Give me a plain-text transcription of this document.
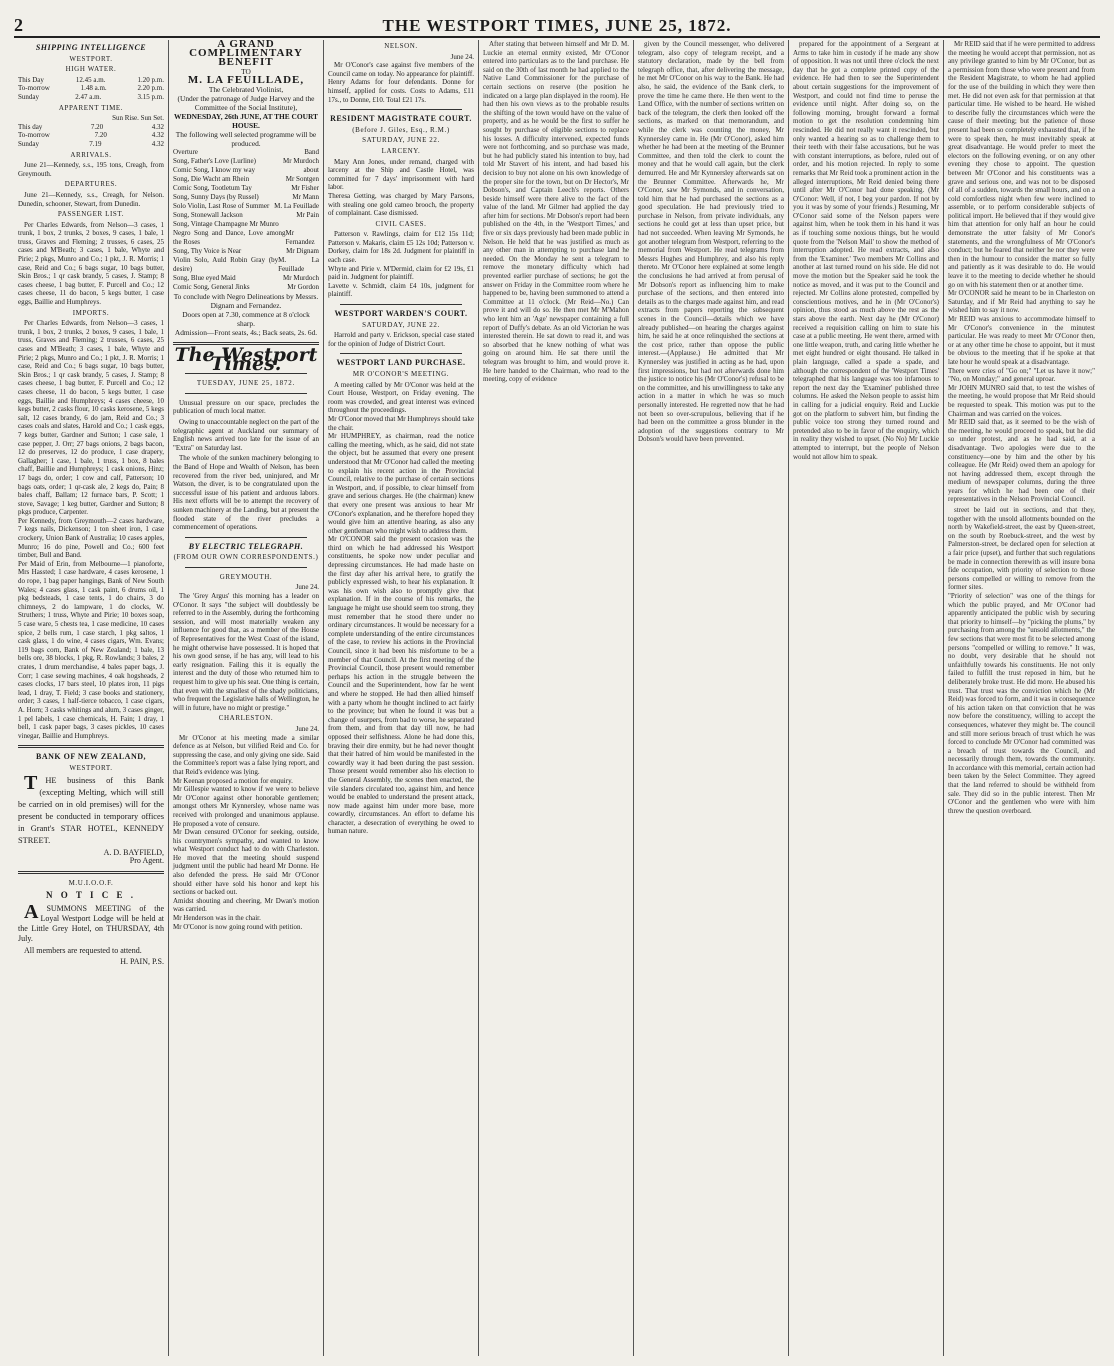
2	THE WESTPORT TIMES, JUNE 25, 1872.
SHIPPING INTELLIGENCE
WESTPORT.
HIGH WATER.
This Day	12.45 a.m.	1.20 p.m.
To-morrow	1.48 a.m.	2.20 p.m.
Sunday	2.47 a.m.	3.15 p.m.
APPARENT TIME.
Sun Rise. Sun Set.
This day	7.20	4.32
To-morrow	7.20	4.32
Sunday	7.19	4.32
ARRIVALS.

June 21—Kennedy, s.s., 195 tons, Creagh, from Greymouth.

DEPARTURES.

June 21—Kennedy, s.s., Creagh, for Nelson. Dunedin, schooner, Stewart, from Dunedin.

PASSENGER LIST.

Per Charles Edwards, from Nelson—3 cases, 1 trunk, 1 box, 2 trunks, 2 boxes, 9 cases, 1 bale, 1 truss, Graves and Fleming; 2 trusses, 6 cases, 25 cases and M'Beath; 3 cases, 1 bale, Whyte and Pirie; 2 pkgs, Munro and Co.; 1 pkt, J. R. Morris; 1 case, Reid and Co.; 6 bags sugar, 10 bags butter, Skin Bros.; 1 qr cask brandy, 5 cases, J. Stamp; 8 cases cheese, 1 bag butter, F. Purcell and Co.; 12 cases cheese, 11 do bacon, 5 kegs butter, 1 case eggs, Baillie and Humphreys.

IMPORTS.

Per Charles Edwards, from Nelson—3 cases, 1 trunk, 1 box, 2 trunks, 2 boxes, 9 cases, 1 bale, 1 truss, Graves and Fleming; 2 trusses, 6 cases, 25 cases and M'Beath; 3 cases, 1 bale, Whyte and Pirie; 2 pkgs, Munro and Co.; 1 pkt, J. R. Morris; 1 case, Reid and Co.; 6 bags sugar, 10 bags butter, Skin Bros.; 1 qr cask brandy, 5 cases, J. Stamp; 8 cases cheese, 1 bag butter, F. Purcell and Co.; 12 cases cheese, 11 do bacon, 5 kegs butter, 1 case eggs, Baillie and Humphreys; 4 cases cheese, 10 kegs butter, 2 casks flour, 10 casks kerosene, 5 kegs salt, 12 cases brandy, 6 do jam, Reid and Co.; 3 cases coals and slates, Harold and Co.; 1 cask eggs, 7 kegs butter, Gardner and Sutton; 1 case sale, 1 case pepper, J. Orr; 27 bags onions, 2 bags bacon, 12 do preserves, 12 do produce, 1 case drapery, Gallagher; 1 case, 1 bale, 1 truss, 1 box, 8 bales chaff, Baillie and Humphreys; 1 cask onions, Hinz; 17 bags do, order; 1 cow and calf, Patterson; 10 bags oats, order; 1 qr-cask ale, 2 kegs do, Pain; 8 bales chaff, Ballam; 12 furnace bars, P. Scott; 1 stove, Savage; 1 keg butter, Gardner and Sutton; 8 pkgs produce, Carpenter.
Per Kennedy, from Greymouth—2 cases hardware, 7 kegs nails, Dickenson; 1 ton sheet iron, 1 case crockery, Union Bank of Australia; 10 cases apples, Munro; 16 do pine, Powell and Co.; 600 feet timber, Bull and Band.
Per Maid of Erin, from Melbourne—1 pianoforte, Mrs Hassted; 1 case hardware, 4 cases kerosene, 1 do rope, 1 bag paper hangings, Bank of New South Wales; 4 cases glass, 1 cask paint, 6 drums oil, 1 pkg bedsteads, 1 case tents, 1 do chairs, 3 do chimneys, 2 do lampware, 1 do clocks, W. Struthers; 1 truss, Whyte and Pirie; 10 boxes soap, 5 case ware, 5 chests tea, 1 case medicine, 10 cases spice, 2 bells rum, 1 case starch, 1 pkg saltos, 1 cask glass, 1 do wine, 4 cases cigars, Wm. Evans; 119 bags corn, Bank of New Zealand; 1 bale, 13 bells ore, 38 blocks, 1 pkg, R. Rowlands; 3 bales, 2 crates, 1 drum merchandise, 4 bales paper bags, J. Corr; 1 case sewing machines, 4 oak hogsheads, 2 cases clocks, 17 bars steel, 10 plates iron, 11 pigs lead, 1 dray, T. Field; 3 case books and stationery, order; 3 cases, 1 half-tierce tobacco, 1 case cigars, A. Horn; 3 casks whitings and alum, 3 cases ginger, 1 pel labels, 1 case chemicals, H. Fain; 1 dray, 1 bell, 1 cask paper bags, 3 cases pickles, 10 cases vinegar, Baillie and Humphreys.

BANK OF NEW ZEALAND,
WESTPORT.

THE business of this Bank (excepting Melting, which will still be carried on in old premises) will for the present be conducted in temporary offices in Grant's STAR HOTEL, KENNEDY STREET.

A. D. BAYFIELD,
Pro Agent.
M.U.I.O.O.F.
N O T I C E .

ASUMMONS MEETING of the Loyal Westport Lodge will be held at the Little Grey Hotel, on THURSDAY, 4th July.

All members are requested to attend.

H. PAIN, P.S.
A GRAND
COMPLIMENTARY BENEFIT
TO
M. LA FEUILLADE,
The Celebrated Violinist,
(Under the patronage of Judge Harvey and the Committee of the Social Institute),
WEDNESDAY, 26th JUNE, AT THE COURT HOUSE.
The following well selected programme will be produced.
Overture	Band
Song, Father's Love (Lurline)	Mr Murdoch
Comic Song, I know my way	about
Song, Die Wacht am Rhein	Mr Sontgen
Comic Song, Tootletum Tay	Mr Fisher
Song, Sunny Days (by Russel)	Mr Mann
Solo Violin, Last Rose of Summer M. La Feuillade
Song, Stonewall Jackson	Mr Pain
Song, Vintage Champagne Mr Munro
Negro Song and Dance, Love among the Roses
Mr Fernandez
Song, Thy Voice is Near	Mr Dignam
Violin Solo, Auld Robin Gray (by desire)
M. La Feuillade
Song, Blue eyed Maid	Mr Murdoch
Comic Song, General Jinks	Mr Gordon
To conclude with Negro Delineations by Messrs. Dignam and Fernandez.
Doors open at 7.30, commence at 8 o'clock sharp.
Admission—Front seats, 4s.; Back seats, 2s. 6d.
The Westport Times.
TUESDAY, JUNE 25, 1872.

Unusual pressure on our space, precludes the publication of much local matter.

Owing to unaccountable neglect on the part of the telegraphic agent at Auckland our summary of English news arrived too late for the issue of an "Extra" on Saturday last.

The whole of the sunken machinery belonging to the Band of Hope and Wealth of Nelson, has been recovered from the river bed, uninjured, and Mr Watson, the diver, is to be congratulated upon the successful issue of his patient and arduous labors. His next efforts will be to attempt the recovery of sunken machinery at the Landing, but at present the flooded state of the river precludes a commencement of operations.

BY ELECTRIC TELEGRAPH.
(FROM OUR OWN CORRESPONDENTS.)
GREYMOUTH.
June 24.

The 'Grey Argus' this morning has a leader on O'Conor. It says "the subject will doubtlessly be referred to in the Assembly, during the forthcoming session, and will most materially weaken any influence for good that, as a member of the House of Representatives for the West Coast of the island, he might otherwise have possessed. It is hoped that his own good sense, if he has any, will lead to his early resignation. Failing this it is equally the interest and the duty of those who returned him to request him to give up his seat. One thing is certain, that even with the smallest of the shady politicians, who frequent the Legislative halls of Wellington, he will in future, have no might or prestige."

CHARLESTON.
June 24.

Mr O'Conor at his meeting made a similar defence as at Nelson, but vilified Reid and Co. for suppressing the case, and only giving one side. Said the Committee's report was a false lying report, and that Reid's evidence was lying.
Mr Keenan proposed a motion for enquiry.
Mr Gillespie wanted to know if we were to believe Mr O'Conor against other honorable gentlemen; amongst others Mr Kynnersley, whose name was received with prolonged and unanimous applause. He proposed a vote of censure.
Mr Dwan censured O'Conor for seeking, outside, his countrymen's sympathy, and wanted to know what Westport conduct had to do with Charleston. He moved that the meeting should suspend judgment until the public had heard Mr Donne. He also defended the press. He said Mr O'Conor should either have sold his honor and kept his sections or backed out.
Amidst shouting and cheering, Mr Dwan's motion was carried.
Mr Henderson was in the chair.
Mr O'Conor is now going round with petition.

NELSON.
June 24.

Mr O'Conor's case against five members of the Council came on today. No appearance for plaintiff. Henry Adams for four defendants. Donne for himself, applied for costs. Costs to Adams, £11 17s., to Donne, £10. Total £21 17s.

RESIDENT MAGISTRATE COURT.
(Before J. Giles, Esq., R.M.)
SATURDAY, JUNE 22.
LARCENY.

Mary Ann Jones, under remand, charged with larceny at the Ship and Castle Hotel, was committed for 7 days' imprisonment with hard labor.
Theresa Getting, was charged by Mary Parsons, with stealing one gold cameo brooch, the property of complainant. Case dismissed.

CIVIL CASES.

Patterson v. Rawlings, claim for £12 15s 11d; Patterson v. Makaris, claim £5 12s 10d; Patterson v. Dorkey, claim for 18s 2d. Judgment for plaintiff in each case.
Whyte and Pirie v. M'Dermid, claim for £2 19s, £1 paid in. Judgment for plaintiff.
Lavette v. Schmidt, claim £4 10s, judgment for plaintiff.

WESTPORT WARDEN'S COURT.
SATURDAY, JUNE 22.

Harrold and party v. Erickson, special case stated for the opinion of Judge of District Court.

WESTPORT LAND PURCHASE.
MR O'CONOR'S MEETING.

A meeting called by Mr O'Conor was held at the Court House, Westport, on Friday evening. The room was crowded, and great interest was evinced throughout the proceedings.
Mr O'Conor moved that Mr Humphreys should take the chair.
Mr HUMPHREY, as chairman, read the notice calling the meeting, which, as he said, did not state the object, but he assumed that every one present understood that Mr O'Conor had called the meeting to explain his recent action in the Provincial Council, relative to the purchase of certain sections in Westport, and, if possible, to clear himself from grave and serious charges. He (the chairman) knew that every one present was anxious to hear Mr O'Conor's explanation, and he therefore hoped they would give him an attentive hearing, as also any other gentleman who might wish to address them.
Mr O'CONOR said the present occasion was the third on which he had addressed his Westport constituents, he spoke now under peculiar and depressing circumstances. He had made haste on the first day after his arrival here, to gratify the publicly expressed wish, to hear his explanation. It was his own wish also to promptly give that explanation. If in the course of his remarks, the language he might use should seem too strong, they must remember that he stood there under no ordinary circumstances. It would be necessary for a complete understanding of the entire circumstances of the case, to review his actions in the Provincial Council, since it had been his misfortune to be a member of that Council. At the first meeting of the Provincial Council, those present would remember perhaps his action in the struggle between the Council and the Superintendent, how far he went and where he stopped. He had then allied himself with a party whom he thought inclined to act fairly to the province; but when he found it was but a change of usurpers, from bad to worse, he separated from them, and from that day till now, he had opposed their selfishness. Alone he had done this, braving their dire enmity, but he had never thought that their hatred of him would be manifested in the cowardly way it had been during the past session. Those present would remember also his election to the General Assembly, the scenes then enacted, the vile slanders circulated too, against him, and hence would be enabled to understand the present attack, now made against him under more base, more cowardly, circumstances. An effort to defame his character, a desecration of everything he owed to human nature.

After stating that between himself and Mr D. M. Luckie an eternal enmity existed, Mr O'Conor entered into particulars as to the land purchase. He said on the 30th of last month he had applied to the Native Land Commissioner for the purchase of certain sections on reserve (the position he indicated on a large plan displayed in the room). He had then his own views as to the probable results the shifting of the town would have on the value of property, and as he would be the first to suffer he sought by purchase of eligible sections to replace his losses. A difficulty intervened, expected funds were not forthcoming, and so purchase was made, but he had publicly stated his intention to buy, had told Mr Stavert of his intent, and had based his decision to buy not alone on his own knowledge of the proper site for the town, but on Dr Hector's, Mr Dobson's, and Captain Leech's reports. Others beside himself were there alive to the fact of the value of the land. Mr Gilmer had applied the day after him for sections. Mr Dobson's report had been published on the 4th, in the 'Westport Times,' and five or six days previously had been made public in Nelson. He held that he was justified as much as any other man in attempting to purchase land he needed. On the Monday he sent a telegram to remove the monetary difficulty which had prevented earlier purchase of sections; he got the answer on Friday in the Committee room where he happened to be, having been summoned to attend a Committee at 11 o'clock. (Mr Reid—No.) Can prove it and will do so. He then met Mr M'Mahon who lent him an 'Age' newspaper containing a full report of Duffy's debate. As an old Victorian he was interested therein. He sat down to read it, and was so absorbed that he knew nothing of what was going on around him. He sat there until the telegram was brought to him, and would prove it. He here handed to the Chairman, who read to the meeting, copy of evidence

given by the Council messenger, who delivered telegram, also copy of telegram receipt, and a statutory declaration, made by the bell from telegraph office, that, after delivering the message, he met Mr O'Conor on his way to the Bank. He had also, he said, the evidence of the Bank clerk, to prove the time he came there. He then went to the Land Office, with the number of sections written on back of the telegram, the clerk then looked off the sections, as marked on that memorandum, and while the clerk was counting the money, Mr Kynnersley came in. He (Mr O'Conor), asked him whether he had been at the meeting of the Brunner Committee, and then told the clerk to count the money and that he would call again, but the clerk demurred. He and Mr Kynnersley afterwards sat on the Brunner Committee. Afterwards he, Mr O'Conor, saw Mr Symonds, and in conversation, told him that he had purchased the sections as a good speculation. He had previously tried to purchase in Nelson, from private individuals, any sections he could get at less than upset price, but had not succeeded. When leaving Mr Symonds, he got another telegram from Westport, referring to the memorial from Westport. He read telegrams from Messrs Hughes and Humphrey, and also his reply thereto. Mr O'Conor here explained at some length the conclusions he had arrived at from perusal of Mr Dobson's report as influencing him to make purchase of the sections, and then entered into details as to the charges made against him, and read extracts from papers reporting the subsequent scenes in the Council—details which we have already published—on hearing the charges against him, he said he at once relinquished the sections at the cost price, rather than oppose the public interest.—(Applause.) He admitted that Mr Kynnersley was justified in acting as he had, upon first impressions, but had not afterwards done him the justice to notice his (Mr O'Conor's) refusal to be on the committee, and his unwillingness to take any action in a matter in which he was so much personally interested. He regretted now that he had not been so over-scrupulous, believing that if he had been on the committee a gross blunder in the adoption of the suggestions contrary to Mr Dobson's would have been prevented.

prepared for the appointment of a Sergeant at Arms to take him in custody if he made any show of opposition. It was not until three o'clock the next day that he got a complete printed copy of the evidence. He had then to see the Superintendent about certain suggestions for the improvement of Westport, and could not find time to peruse the evidence until night. After doing so, on the following morning, brought forward a formal motion to get the resolution condemning him rescinded. He did not really want it rescinded, but only wanted a hearing so as to challenge them to their teeth with their false accusations, but he was with constant interruptions, as before, ruled out of order, and his motion rejected. In reply to some remarks that Mr Reid took a prominent action in the alleged interruptions, Mr Reid denied being there until after Mr O'Conor had done speaking. (Mr O'Conor: Well, if not, I beg your pardon. If not by you it was by some of your friends.) Resuming, Mr O'Conor said some of the Nelson papers were against him, when he took them in his hand it was as if touching some noxious things, but he would quote from the 'Nelson Mail' to show the method of interruption adopted. He read extracts, and also from the 'Examiner.' Two members Mr Collins and another at last turned round on his side. He did not move the motion but the Speaker said he took the notice as moved, and it was put to the Council and rejected. Mr Collins alone protested, compelled by conscientious motives, and he in (Mr O'Conor's) opinion, thus stood as much above the rest as the stars above the earth. Next day he (Mr O'Conor) received a requisition calling on him to state his case at a public meeting. He went there, armed with one little weapon, truth, and caring little whether he met eight hundred or eight thousand. He talked in plain language, called a spade a spade, and although the correspondent of the 'Westport Times' telegraphed that his language was too infamous to report the next day the 'Examiner' published three columns. He asked the Nelson people to assist him in calling for a judicial enquiry. Reid and Luckie got on the platform to subvert him, but finding the public voice too strong they turned round and pretended also to be in favor of the enquiry, which in reality they wished to upset. (No No) Mr Luckie attempted to interrupt, but the people of Nelson would not allow him to speak.

Mr REID said that if he were permitted to address the meeting he would accept that permission, not as any privilege granted to him by Mr O'Conor, but as a permission from those who were present and from the Resident Magistrate, to whom he had applied for the use of the building in which they were then met. He did not even ask for that permission at that particular time. He wished to be heard. He wished to describe fully the circumstances which were the cause of their meeting; but the patience of those present had been so completely exhausted that, if he were to speak then, he must inevitably speak at great disadvantage. He would prefer to meet the electors on the following evening, or on any other evening they chose to appoint. The question between Mr O'Conor and his constituents was a grave and serious one, and was not to be disposed of all of a sudden, towards the small hours, and on a cold comfortless night when few were inclined to assemble, or to perform considerable subjects of political import. He believed that if they would give him that attention for only half an hour he could demonstrate the utter falsity of Mr Conor's statements, and the wrongfulness of Mr O'Conor's conduct; but he feared that neither he nor they were then in the humour to consider the matter so fully and patiently as it was desirable to do. He would leave it to the meeting to decide whether he should go on with his statement then or at another time.
Mr O'CONOR said he meant to be in Charleston on Saturday, and if Mr Reid had anything to say he wished him to say it now.
Mr REID was anxious to accommodate himself to Mr O'Conor's convenience in the minutest particular. He was ready to meet Mr O'Conor then, or at any other time he chose to appoint, but it must be obvious to the meeting that if he spoke at that late hour he would speak at a disadvantage.
There were cries of "Go on;" "Let us have it now;" "No, on Monday;" and general uproar.
Mr JOHN MUNRO said that, to test the wishes of the meeting, he would propose that Mr Reid should be requested to speak. This motion was put to the Chairman and was carried on the voices.
Mr REID said that, as it seemed to be the wish of the meeting, he would proceed to speak, but he did so under protest, and as he had said, at a disadvantage. Two apologies were due to the constituency—one by him and the other by his colleague. He (Mr Reid) owed them an apology for not having addressed them, except through the medium of newspaper columns, during the three years for which he had been one of their representatives in the Nelson Provincial Council.

street be laid out in sections, and that they, together with the unsold allotments bounded on the north by Wakefield-street, the east by Queen-street, on the south by Roebuck-street, and the west by Palmerston-street, be declared open for selection at a fair price (upset), and further that such regulations be made in connection therewith as will insure bona fide occupation, with priority of selection to those persons compelled or willing to remove from the former sites.
"Priority of selection" was one of the things for which the public prayed, and Mr O'Conor had apparently anticipated the public wish by securing that priority to himself—by "picking the plums," by purchasing from among the "unsold allotments," the few sections that were most fit to be selected among persons "compelled or willing to remove." It was, no doubt, very desirable that he should not unfaithfully towards his constituents. He not only failed to fulfill the trust reposed in him, but he deliberately broke trust. He did more. He abused his trust. That trust was the conviction which he (Mr Reid) was forced to form, and it was in consequence of his action taken on that conviction that he was now before the constituency, willing to accept the consequences, whatever they might be. The council and still more serious breach of trust which he was forced to conclude Mr O'Conor had committed was a breach of trust towards the Council, and necessarily through them, towards the community. In accordance with this memorial, certain action had been taken by the Select Committee. They agreed that the land referred to should be withheld from sale. They did so in the public interest. Then Mr O'Conor and the gentlemen who were with him threw the question overboard.
